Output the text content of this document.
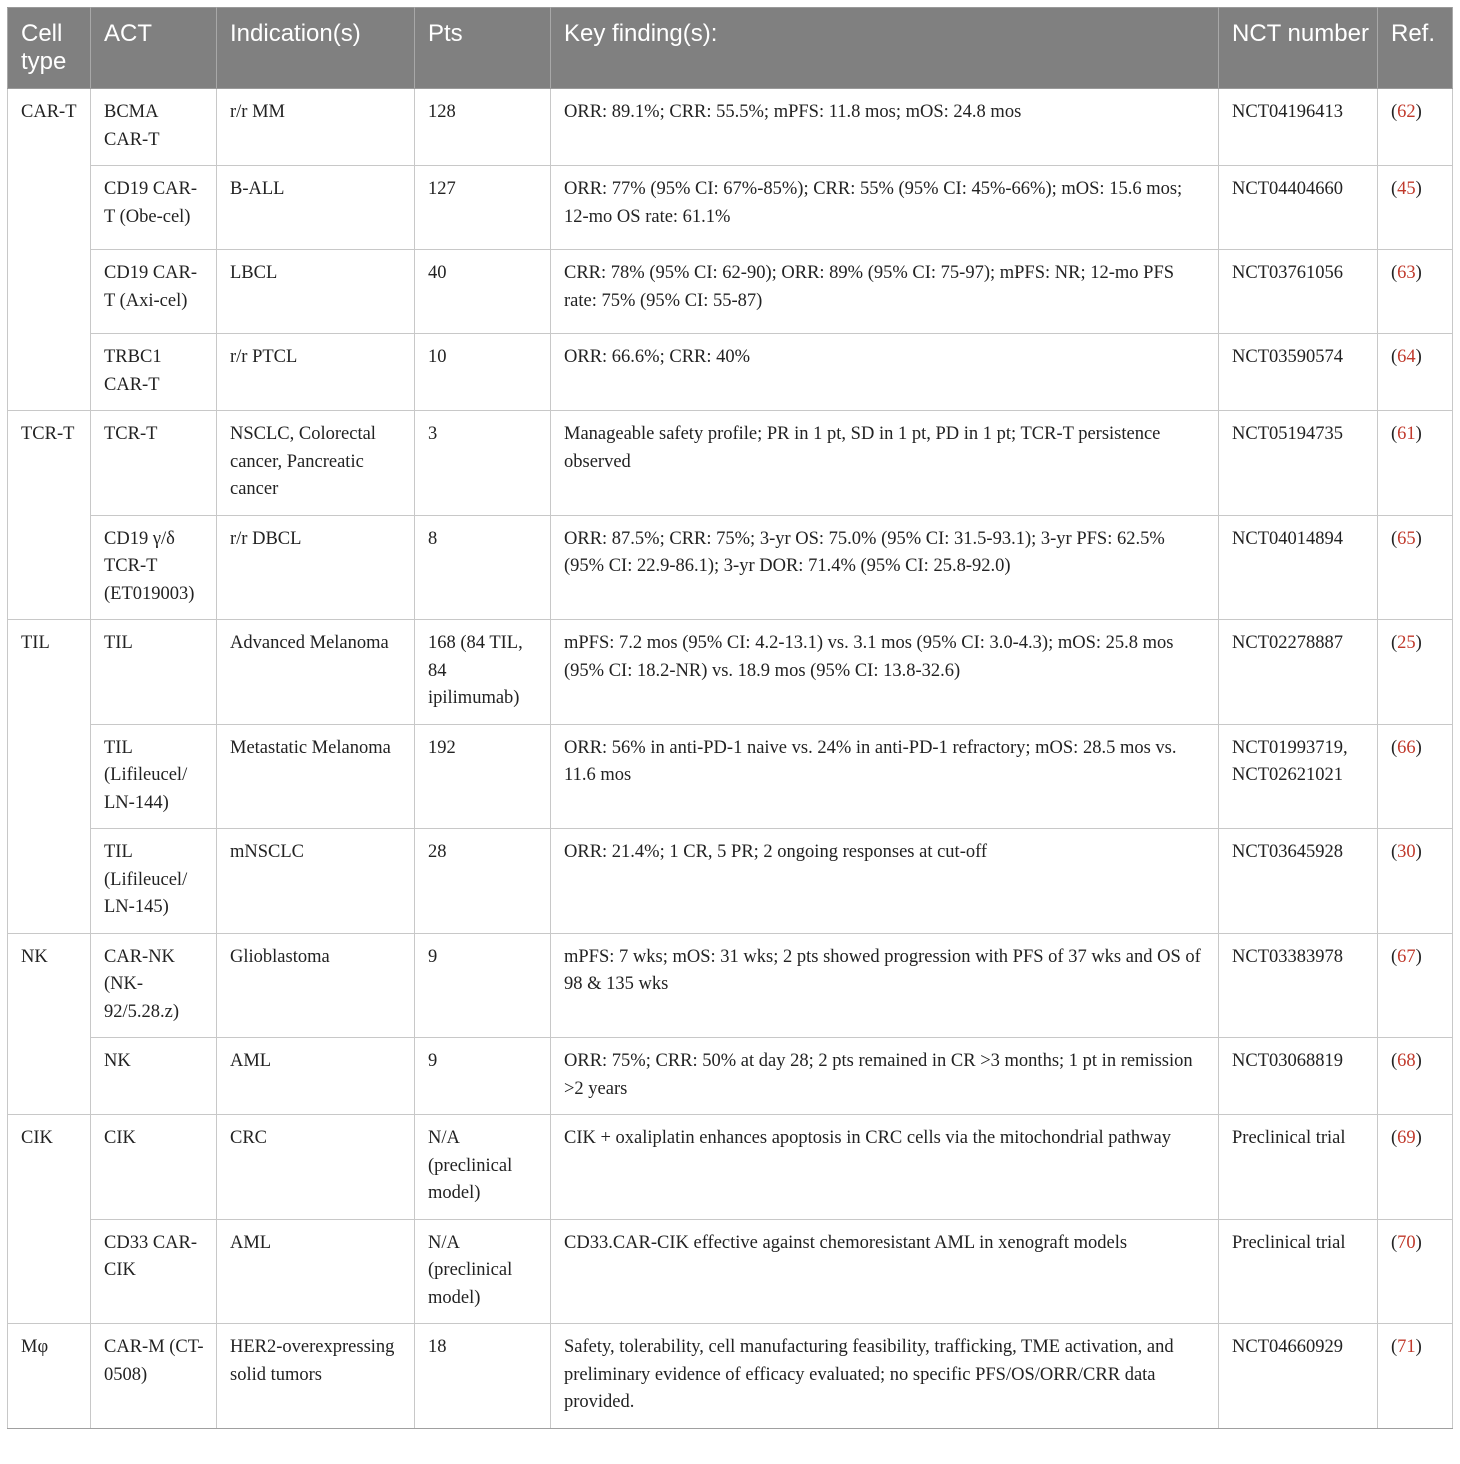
Cell type	ACT	Indication(s)	Pts	Key finding(s):	NCT number	Ref.
CAR-T	BCMA CAR-T	r/r MM	128	ORR: 89.1%; CRR: 55.5%; mPFS: 11.8 mos; mOS: 24.8 mos	NCT04196413	(62)
	CD19 CAR-T (Obe-cel)	B-ALL	127	ORR: 77% (95% CI: 67%-85%); CRR: 55% (95% CI: 45%-66%); mOS: 15.6 mos; 12-mo OS rate: 61.1%	NCT04404660	(45)
	CD19 CAR-T (Axi-cel)	LBCL	40	CRR: 78% (95% CI: 62-90); ORR: 89% (95% CI: 75-97); mPFS: NR; 12-mo PFS rate: 75% (95% CI: 55-87)	NCT03761056	(63)
	TRBC1 CAR-T	r/r PTCL	10	ORR: 66.6%; CRR: 40%	NCT03590574	(64)
TCR-T	TCR-T	NSCLC, Colorectal cancer, Pancreatic cancer	3	Manageable safety profile; PR in 1 pt, SD in 1 pt, PD in 1 pt; TCR-T persistence observed	NCT05194735	(61)
	CD19 γ/δ TCR-T (ET019003)	r/r DBCL	8	ORR: 87.5%; CRR: 75%; 3-yr OS: 75.0% (95% CI: 31.5-93.1); 3-yr PFS: 62.5% (95% CI: 22.9-86.1); 3-yr DOR: 71.4% (95% CI: 25.8-92.0)	NCT04014894	(65)
TIL	TIL	Advanced Melanoma	168 (84 TIL, 84 ipilimumab)	mPFS: 7.2 mos (95% CI: 4.2-13.1) vs. 3.1 mos (95% CI: 3.0-4.3); mOS: 25.8 mos (95% CI: 18.2-NR) vs. 18.9 mos (95% CI: 13.8-32.6)	NCT02278887	(25)
	TIL (Lifileucel/ LN-144)	Metastatic Melanoma	192	ORR: 56% in anti-PD-1 naive vs. 24% in anti-PD-1 refractory; mOS: 28.5 mos vs. 11.6 mos	NCT01993719, NCT02621021	(66)
	TIL (Lifileucel/ LN-145)	mNSCLC	28	ORR: 21.4%; 1 CR, 5 PR; 2 ongoing responses at cut-off	NCT03645928	(30)
NK	CAR-NK (NK-92/5.28.z)	Glioblastoma	9	mPFS: 7 wks; mOS: 31 wks; 2 pts showed progression with PFS of 37 wks and OS of 98 & 135 wks	NCT03383978	(67)
	NK	AML	9	ORR: 75%; CRR: 50% at day 28; 2 pts remained in CR >3 months; 1 pt in remission >2 years	NCT03068819	(68)
CIK	CIK	CRC	N/A (preclinical model)	CIK + oxaliplatin enhances apoptosis in CRC cells via the mitochondrial pathway	Preclinical trial	(69)
	CD33 CAR-CIK	AML	N/A (preclinical model)	CD33.CAR-CIK effective against chemoresistant AML in xenograft models	Preclinical trial	(70)
Mφ	CAR-M (CT-0508)	HER2-overexpressing solid tumors	18	Safety, tolerability, cell manufacturing feasibility, trafficking, TME activation, and preliminary evidence of efficacy evaluated; no specific PFS/OS/ORR/CRR data provided.	NCT04660929	(71)
